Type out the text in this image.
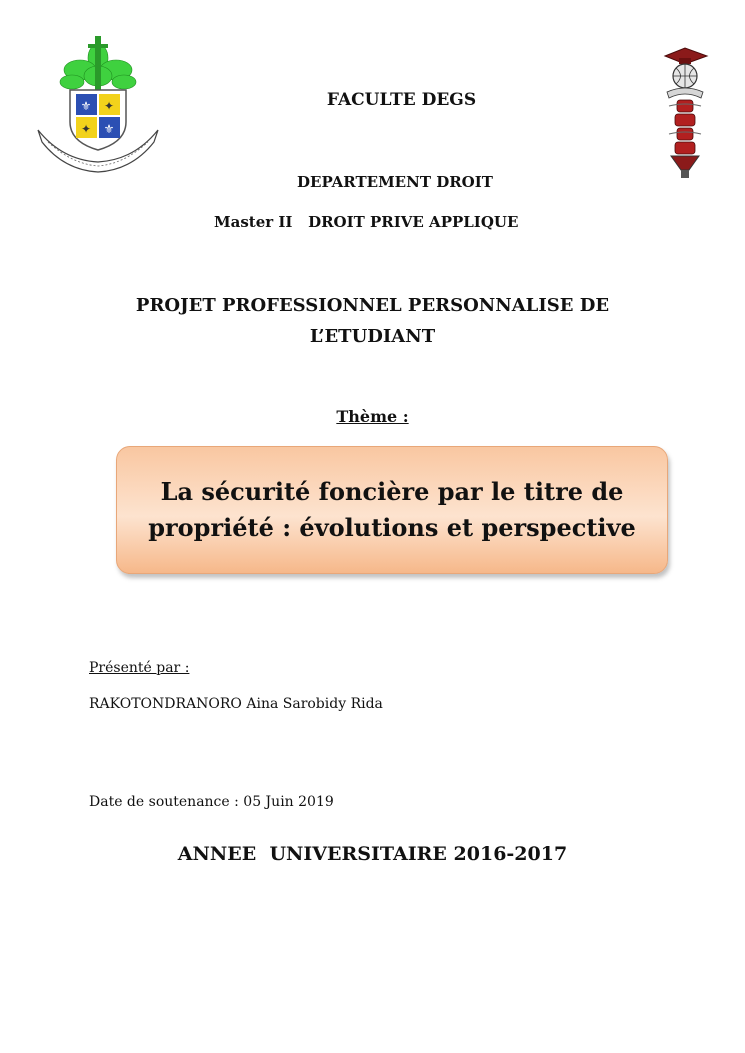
⚜ ✦
✦ ⚜
FACULTE DEGS
DEPARTEMENT DROIT
Master II   DROIT PRIVE APPLIQUE
PROJET PROFESSIONNEL PERSONNALISE DE
L’ETUDIANT
Thème :
La sécurité foncière par le titre de
propriété : évolutions et perspective
Présenté par :
RAKOTONDRANORO Aina Sarobidy Rida
Date de soutenance : 05 Juin 2019
ANNEE  UNIVERSITAIRE 2016-2017
